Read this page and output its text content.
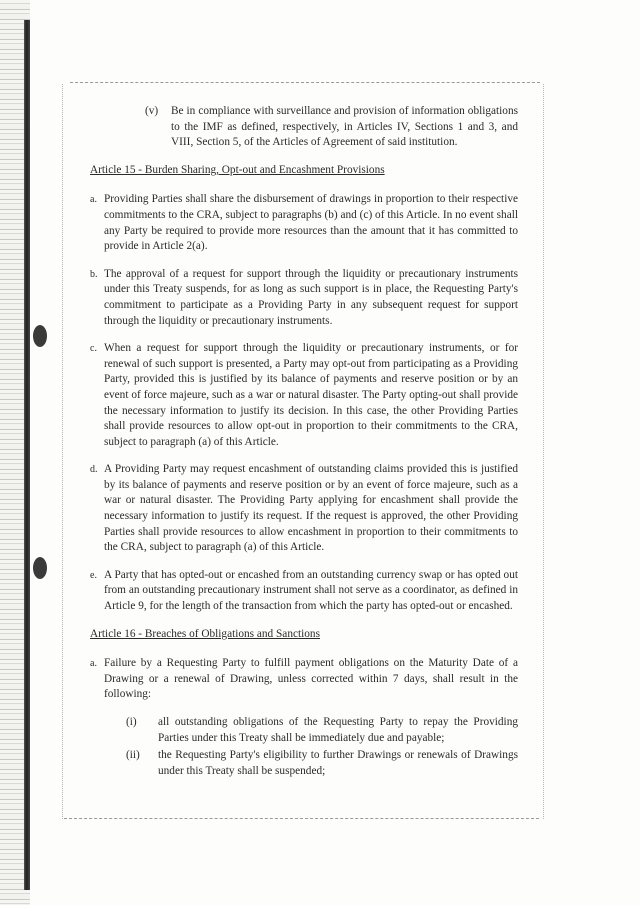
(v)	Be in compliance with surveillance and provision of information obligations to the IMF as defined, respectively, in Articles IV, Sections 1 and 3, and VIII, Section 5, of the Articles of Agreement of said institution.
Article 15 - Burden Sharing, Opt-out and Encashment Provisions
a. Providing Parties shall share the disbursement of drawings in proportion to their respective commitments to the CRA, subject to paragraphs (b) and (c) of this Article. In no event shall any Party be required to provide more resources than the amount that it has committed to provide in Article 2(a).
b. The approval of a request for support through the liquidity or precautionary instruments under this Treaty suspends, for as long as such support is in place, the Requesting Party's commitment to participate as a Providing Party in any subsequent request for support through the liquidity or precautionary instruments.
c. When a request for support through the liquidity or precautionary instruments, or for renewal of such support is presented, a Party may opt-out from participating as a Providing Party, provided this is justified by its balance of payments and reserve position or by an event of force majeure, such as a war or natural disaster. The Party opting-out shall provide the necessary information to justify its decision. In this case, the other Providing Parties shall provide resources to allow opt-out in proportion to their commitments to the CRA, subject to paragraph (a) of this Article.
d. A Providing Party may request encashment of outstanding claims provided this is justified by its balance of payments and reserve position or by an event of force majeure, such as a war or natural disaster. The Providing Party applying for encashment shall provide the necessary information to justify its request. If the request is approved, the other Providing Parties shall provide resources to allow encashment in proportion to their commitments to the CRA, subject to paragraph (a) of this Article.
e. A Party that has opted-out or encashed from an outstanding currency swap or has opted out from an outstanding precautionary instrument shall not serve as a coordinator, as defined in Article 9, for the length of the transaction from which the party has opted-out or encashed.
Article 16 - Breaches of Obligations and Sanctions
a. Failure by a Requesting Party to fulfill payment obligations on the Maturity Date of a Drawing or a renewal of Drawing, unless corrected within 7 days, shall result in the following:
(i)	all outstanding obligations of the Requesting Party to repay the Providing Parties under this Treaty shall be immediately due and payable;
(ii)	the Requesting Party's eligibility to further Drawings or renewals of Drawings under this Treaty shall be suspended;
